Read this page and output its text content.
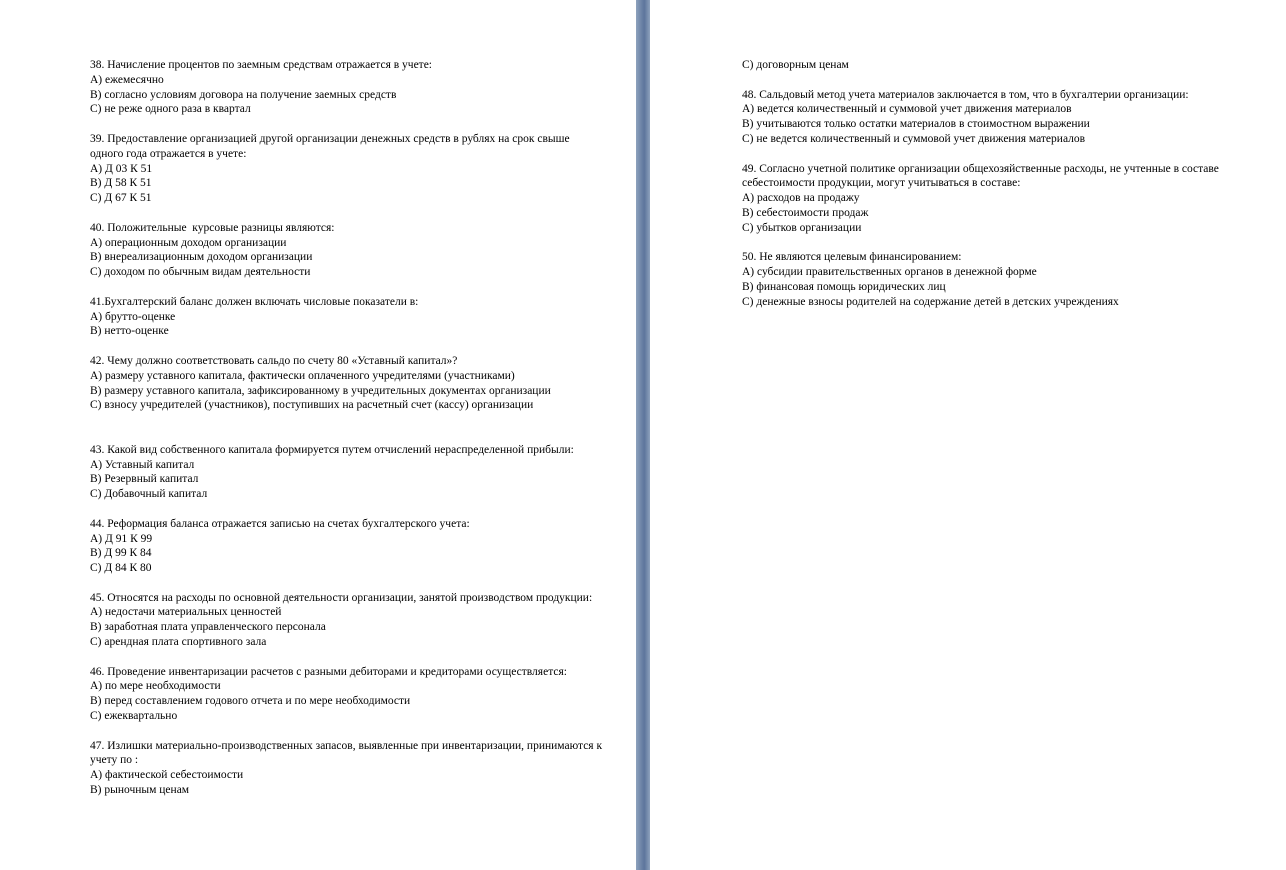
38. Начисление процентов по заемным средствам отражается в учете:
А) ежемесячно
В) согласно условиям договора на получение заемных средств
С) не реже одного раза в квартал
39. Предоставление организацией другой организации денежных средств в рублях на срок свыше одного года отражается в учете:
А) Д 03 К 51
В) Д 58 К 51
С) Д 67 К 51
40. Положительные  курсовые разницы являются:
А) операционным доходом организации
В) внереализационным доходом организации
С) доходом по обычным видам деятельности
41.Бухгалтерский баланс должен включать числовые показатели в:
А) брутто-оценке
В) нетто-оценке
42. Чему должно соответствовать сальдо по счету 80 «Уставный капитал»?
А) размеру уставного капитала, фактически оплаченного учредителями (участниками)
В) размеру уставного капитала, зафиксированному в учредительных документах организации
С) взносу учредителей (участников), поступивших на расчетный счет (кассу) организации
43. Какой вид собственного капитала формируется путем отчислений нераспределенной прибыли:
А) Уставный капитал
В) Резервный капитал
С) Добавочный капитал
44. Реформация баланса отражается записью на счетах бухгалтерского учета:
А) Д 91 К 99
В) Д 99 К 84
С) Д 84 К 80
45. Относятся на расходы по основной деятельности организации, занятой производством продукции:
А) недостачи материальных ценностей
В) заработная плата управленческого персонала
С) арендная плата спортивного зала
46. Проведение инвентаризации расчетов с разными дебиторами и кредиторами осуществляется:
А) по мере необходимости
В) перед составлением годового отчета и по мере необходимости
С) ежеквартально
47. Излишки материально-производственных запасов, выявленные при инвентаризации, принимаются к учету по :
А) фактической себестоимости
В) рыночным ценам
С) договорным ценам
48. Сальдовый метод учета материалов заключается в том, что в бухгалтерии организации:
А) ведется количественный и суммовой учет движения материалов
В) учитываются только остатки материалов в стоимостном выражении
С) не ведется количественный и суммовой учет движения материалов
49. Согласно учетной политике организации общехозяйственные расходы, не учтенные в составе себестоимости продукции, могут учитываться в составе:
А) расходов на продажу
В) себестоимости продаж
С) убытков организации
50. Не являются целевым финансированием:
А) субсидии правительственных органов в денежной форме
В) финансовая помощь юридических лиц
С) денежные взносы родителей на содержание детей в детских учреждениях
